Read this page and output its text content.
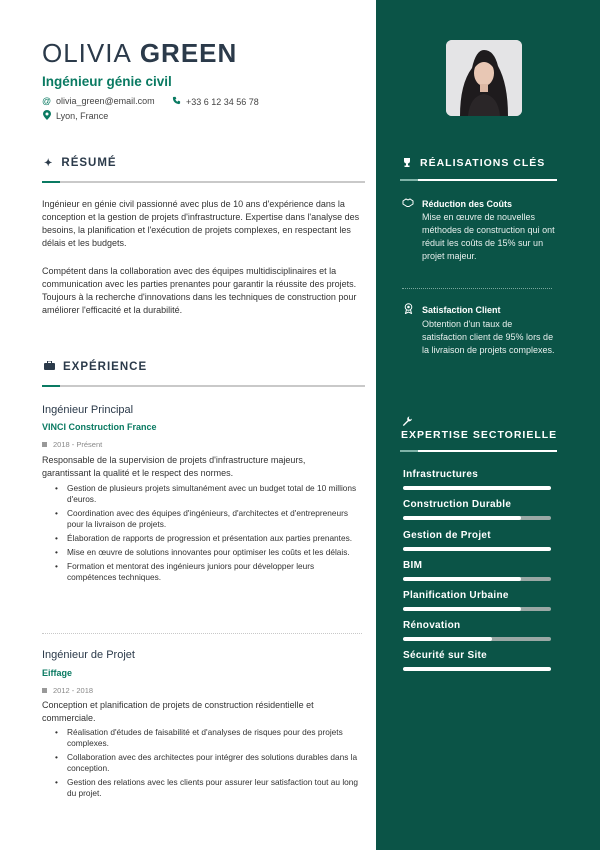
OLIVIA GREEN
Ingénieur génie civil
@ olivia_green@email.com	+33 6 12 34 56 78
Lyon, France
✦ RÉSUMÉ
Ingénieur en génie civil passionné avec plus de 10 ans d'expérience dans la conception et la gestion de projets d'infrastructure. Expertise dans l'analyse des besoins, la planification et l'exécution de projets complexes, en respectant les délais et les budgets.
Compétent dans la collaboration avec des équipes multidisciplinaires et la communication avec les parties prenantes pour garantir la réussite des projets. Toujours à la recherche d'innovations dans les techniques de construction pour améliorer l'efficacité et la durabilité.
EXPÉRIENCE
Ingénieur Principal
VINCI Construction France
2018 - Présent
Responsable de la supervision de projets d'infrastructure majeurs, garantissant la qualité et le respect des normes.
• Gestion de plusieurs projets simultanément avec un budget total de 10 millions d'euros.
• Coordination avec des équipes d'ingénieurs, d'architectes et d'entrepreneurs pour la livraison de projets.
• Élaboration de rapports de progression et présentation aux parties prenantes.
• Mise en œuvre de solutions innovantes pour optimiser les coûts et les délais.
• Formation et mentorat des ingénieurs juniors pour développer leurs compétences techniques.
Ingénieur de Projet
Eiffage
2012 - 2018
Conception et planification de projets de construction résidentielle et commerciale.
• Réalisation d'études de faisabilité et d'analyses de risques pour des projets complexes.
• Collaboration avec des architectes pour intégrer des solutions durables dans la conception.
• Gestion des relations avec les clients pour assurer leur satisfaction tout au long du projet.
RÉALISATIONS CLÉS
Réduction des Coûts
Mise en œuvre de nouvelles méthodes de construction qui ont réduit les coûts de 15% sur un projet majeur.
Satisfaction Client
Obtention d'un taux de satisfaction client de 95% lors de la livraison de projets complexes.
EXPERTISE SECTORIELLE
Infrastructures
Construction Durable
Gestion de Projet
BIM
Planification Urbaine
Rénovation
Sécurité sur Site
